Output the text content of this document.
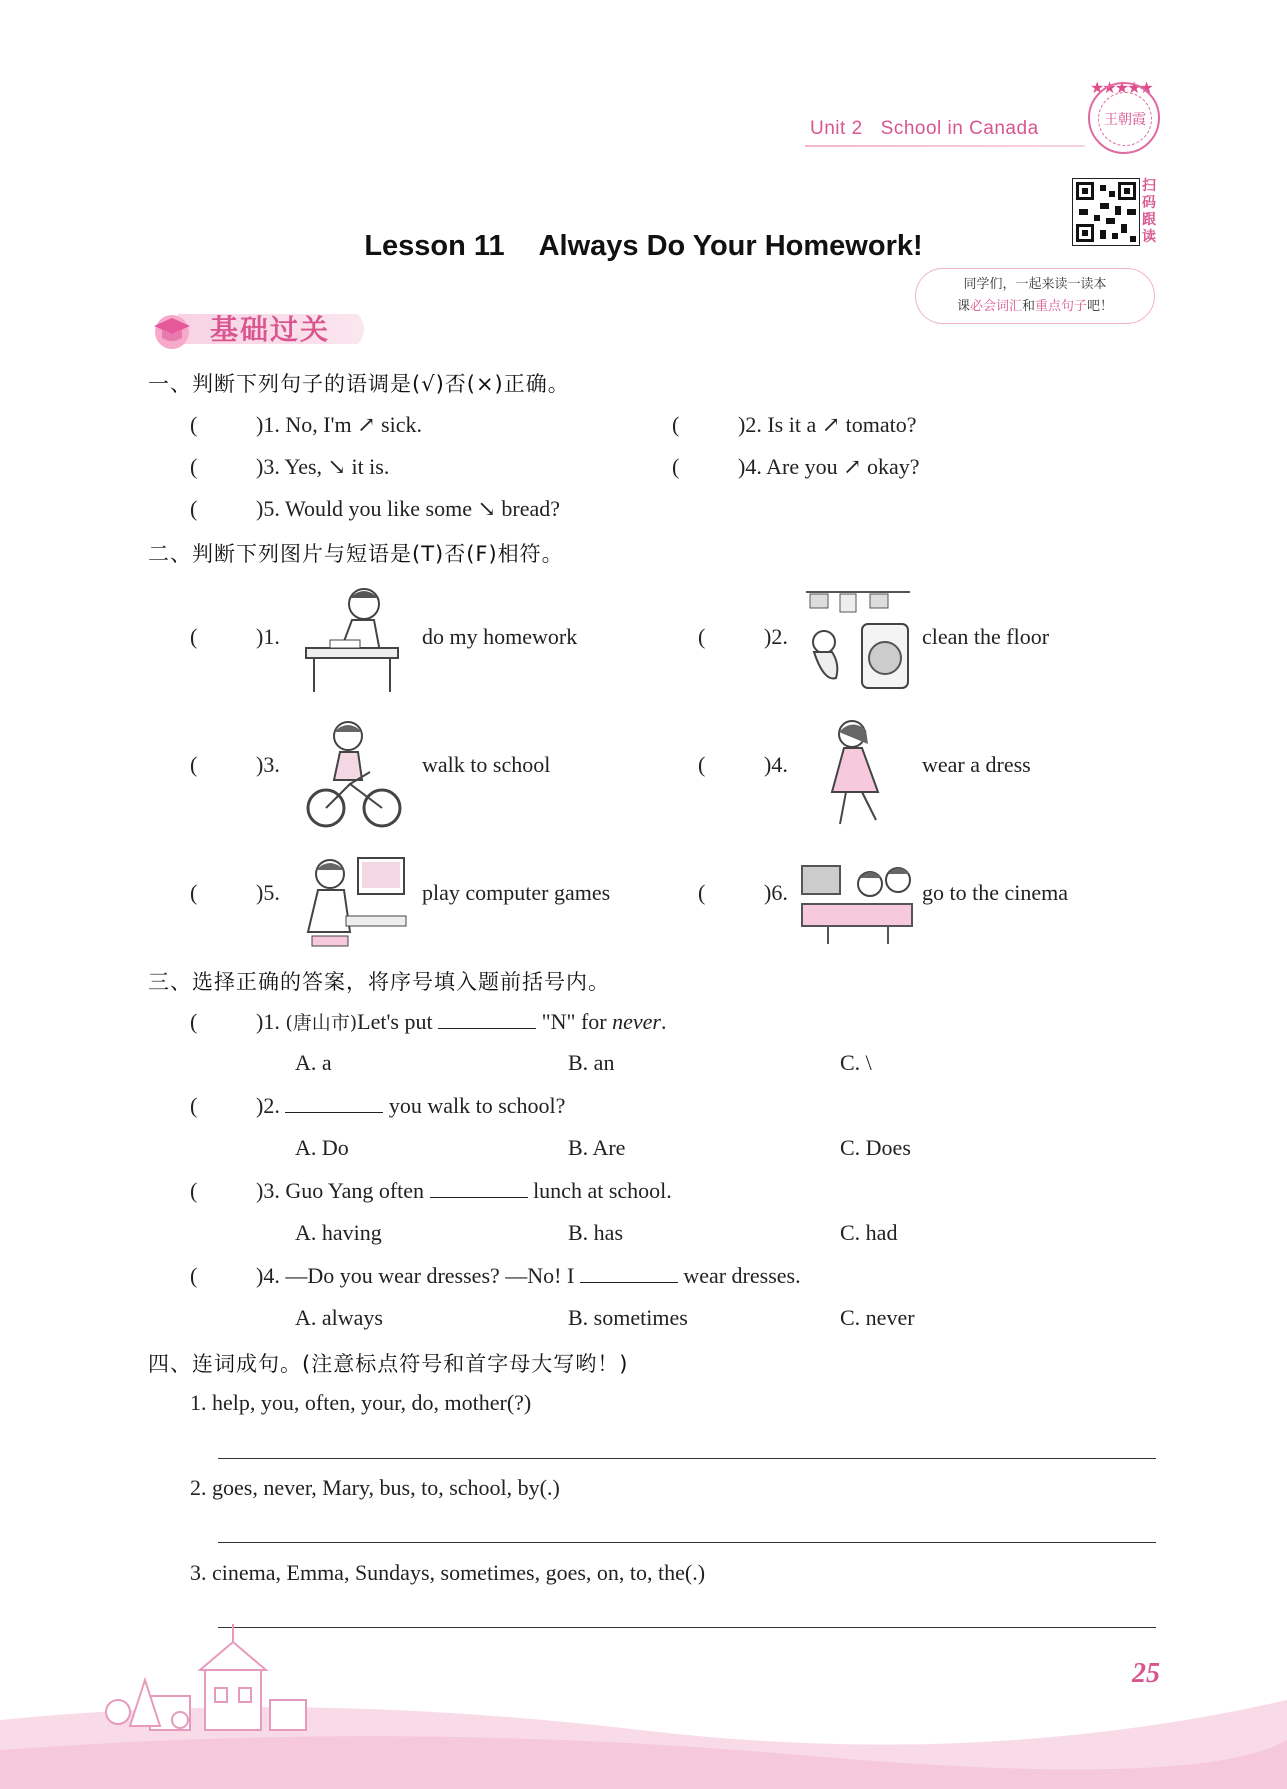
★★★★★
王朝霞
Unit 2 School in Canada
扫码跟读
同学们，一起来读一读本
课必会词汇和重点句子吧！
Lesson 11 Always Do Your Homework!
基础过关
一、判断下列句子的语调是(√)否(×)正确。
(	)1. No, I'm ↗ sick.	(	)2. Is it a ↗ tomato?
(	)3. Yes, ↘ it is.	(	)4. Are you ↗ okay?
(	)5. Would you like some ↘ bread?
二、判断下列图片与短语是(T)否(F)相符。
(	)1.	do my homework	(	)2.	clean the floor
(	)3.	walk to school	(	)4.	wear a dress
(	)5.	play computer games	(	)6.	go to the cinema
三、选择正确的答案，将序号填入题前括号内。
(	)1. (唐山市)Let's put	"N" for never.
A. a	B. an	C. \
(	)2.	you walk to school?
A. Do	B. Are	C. Does
(	)3. Guo Yang often	lunch at school.
A. having	B. has	C. had
(	)4. —Do you wear dresses? —No! I	wear dresses.
A. always	B. sometimes	C. never
四、连词成句。(注意标点符号和首字母大写哟！)
1. help, you, often, your, do, mother(?)
2. goes, never, Mary, bus, to, school, by(.)
3. cinema, Emma, Sundays, sometimes, goes, on, to, the(.)
25
